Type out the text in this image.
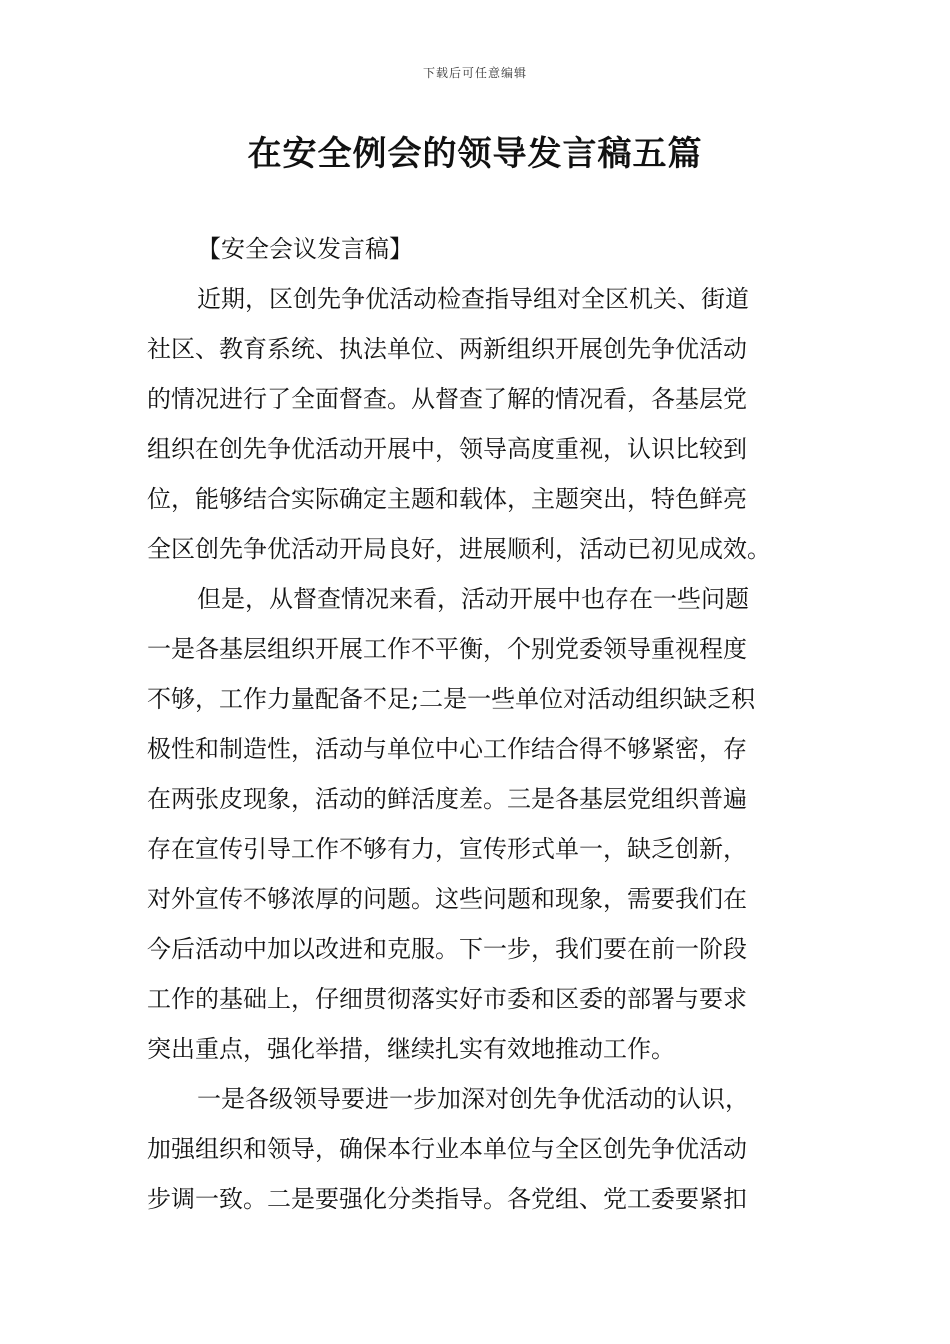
下载后可任意编辑
在安全例会的领导发言稿五篇
【安全会议发言稿】
近期，区创先争优活动检查指导组对全区机关、街道
社区、教育系统、执法单位、两新组织开展创先争优活动
的情况进行了全面督查。从督查了解的情况看，各基层党
组织在创先争优活动开展中，领导高度重视，认识比较到
位，能够结合实际确定主题和载体，主题突出，特色鲜亮
全区创先争优活动开局良好，进展顺利，活动已初见成效。
但是，从督查情况来看，活动开展中也存在一些问题
一是各基层组织开展工作不平衡，个别党委领导重视程度
不够，工作力量配备不足;二是一些单位对活动组织缺乏积
极性和制造性，活动与单位中心工作结合得不够紧密，存
在两张皮现象，活动的鲜活度差。三是各基层党组织普遍
存在宣传引导工作不够有力，宣传形式单一，缺乏创新，
对外宣传不够浓厚的问题。这些问题和现象，需要我们在
今后活动中加以改进和克服。下一步，我们要在前一阶段
工作的基础上，仔细贯彻落实好市委和区委的部署与要求
突出重点，强化举措，继续扎实有效地推动工作。
一是各级领导要进一步加深对创先争优活动的认识，
加强组织和领导，确保本行业本单位与全区创先争优活动
步调一致。二是要强化分类指导。各党组、党工委要紧扣
